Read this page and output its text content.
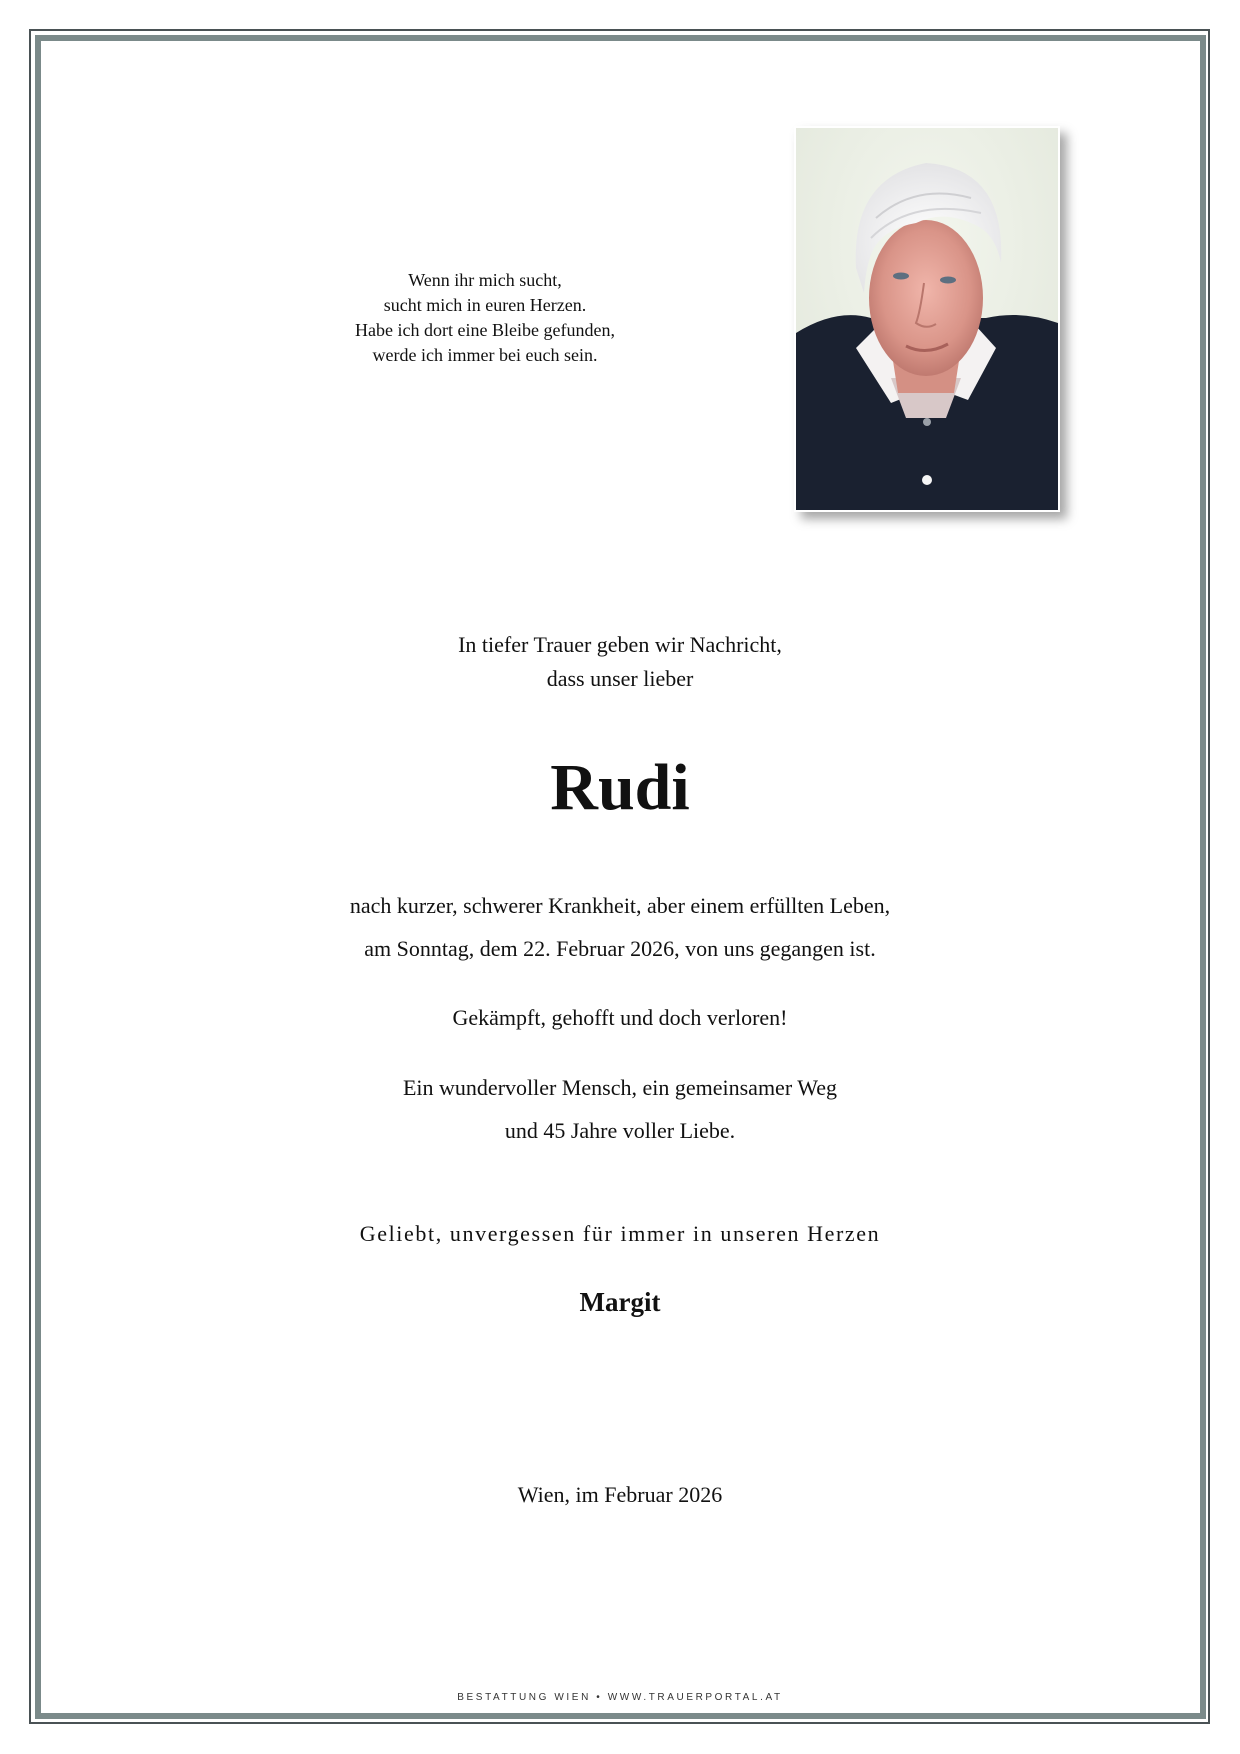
Wenn ihr mich sucht,
sucht mich in euren Herzen.
Habe ich dort eine Bleibe gefunden,
werde ich immer bei euch sein.
In tiefer Trauer geben wir Nachricht,
dass unser lieber
Rudi
nach kurzer, schwerer Krankheit, aber einem erfüllten Leben,
am Sonntag, dem 22. Februar 2026, von uns gegangen ist.
Gekämpft, gehofft und doch verloren!
Ein wundervoller Mensch, ein gemeinsamer Weg
und 45 Jahre voller Liebe.
Geliebt, unvergessen für immer in unseren Herzen
Margit
Wien, im Februar 2026
BESTATTUNG WIEN • WWW.TRAUERPORTAL.AT
